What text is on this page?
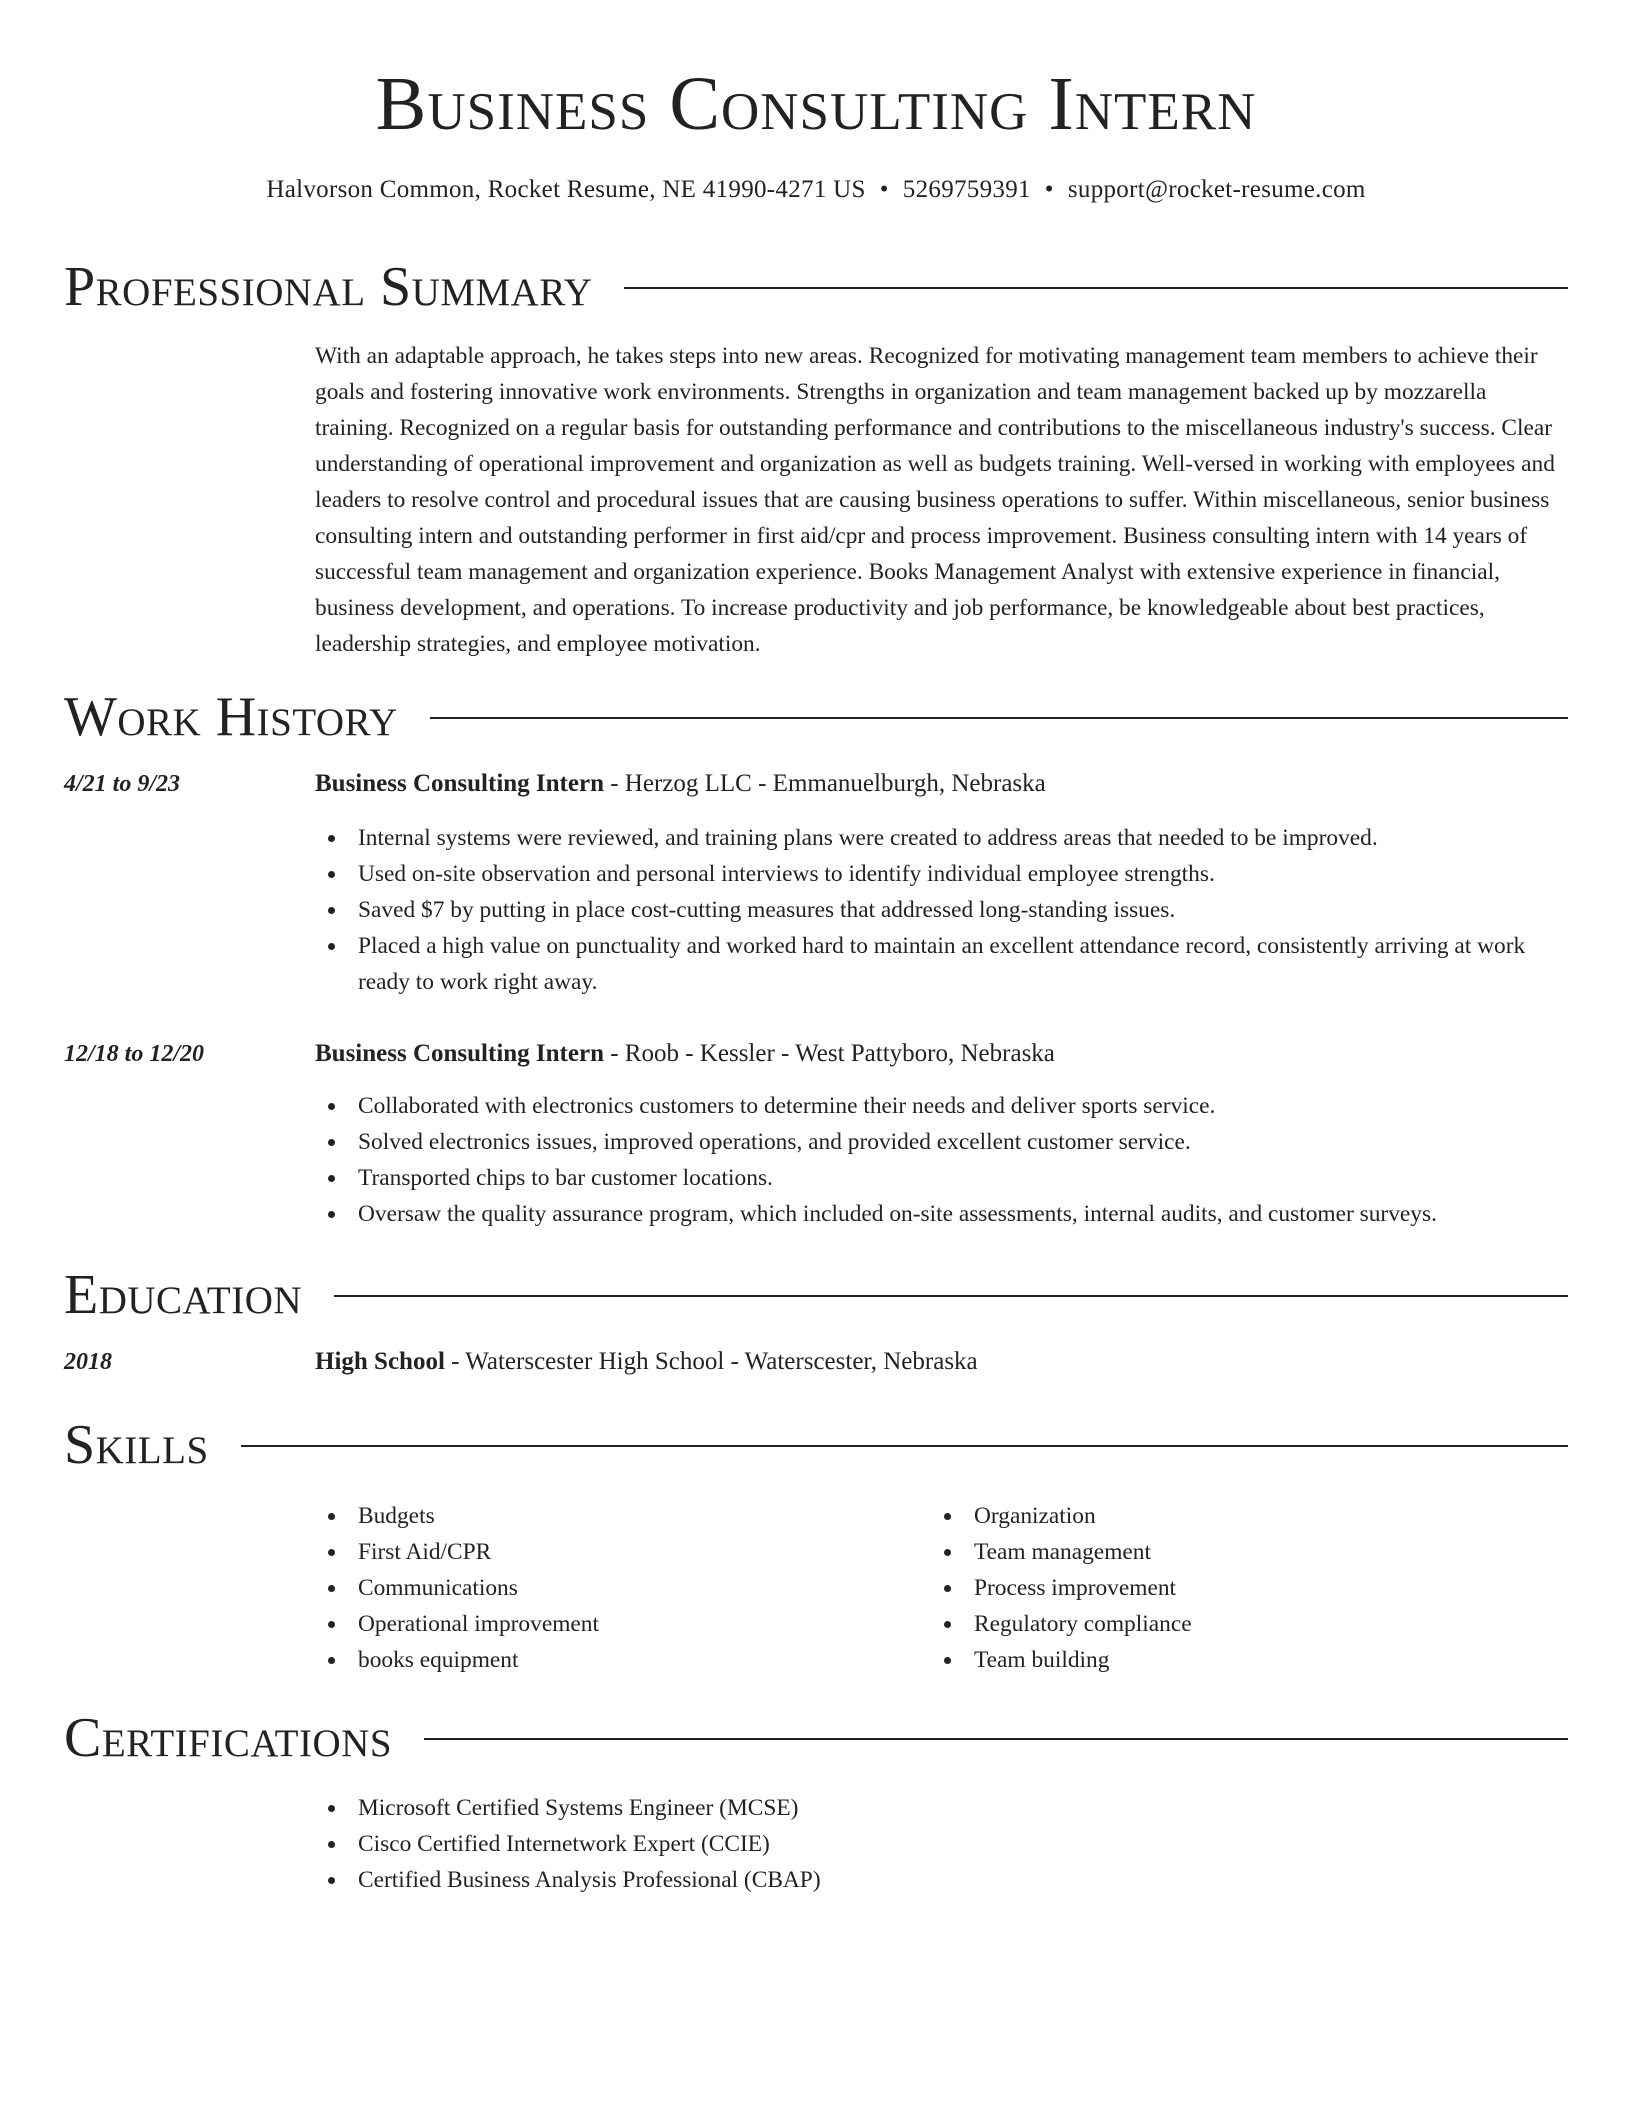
Business Consulting Intern
Halvorson Common, Rocket Resume, NE 41990-4271 US • 5269759391 • support@rocket-resume.com
Professional Summary

With an adaptable approach, he takes steps into new areas. Recognized for motivating management team members to achieve their goals and fostering innovative work environments. Strengths in organization and team management backed up by mozzarella training. Recognized on a regular basis for outstanding performance and contributions to the miscellaneous industry's success. Clear understanding of operational improvement and organization as well as budgets training. Well-versed in working with employees and leaders to resolve control and procedural issues that are causing business operations to suffer. Within miscellaneous, senior business consulting intern and outstanding performer in first aid/cpr and process improvement. Business consulting intern with 14 years of successful team management and organization experience. Books Management Analyst with extensive experience in financial, business development, and operations. To increase productivity and job performance, be knowledgeable about best practices, leadership strategies, and employee motivation.

Work History
4/21 to 9/23	Business Consulting Intern - Herzog LLC - Emmanuelburgh, Nebraska
Internal systems were reviewed, and training plans were created to address areas that needed to be improved.
Used on-site observation and personal interviews to identify individual employee strengths.
Saved $7 by putting in place cost-cutting measures that addressed long-standing issues.
Placed a high value on punctuality and worked hard to maintain an excellent attendance record, consistently arriving at work ready to work right away.
12/18 to 12/20	Business Consulting Intern - Roob - Kessler - West Pattyboro, Nebraska
Collaborated with electronics customers to determine their needs and deliver sports service.
Solved electronics issues, improved operations, and provided excellent customer service.
Transported chips to bar customer locations.
Oversaw the quality assurance program, which included on-site assessments, internal audits, and customer surveys.
Education
2018	High School - Waterscester High School - Waterscester, Nebraska
Skills
Budgets
First Aid/CPR
Communications
Operational improvement
books equipment
Organization
Team management
Process improvement
Regulatory compliance
Team building
Certifications
Microsoft Certified Systems Engineer (MCSE)
Cisco Certified Internetwork Expert (CCIE)
Certified Business Analysis Professional (CBAP)
